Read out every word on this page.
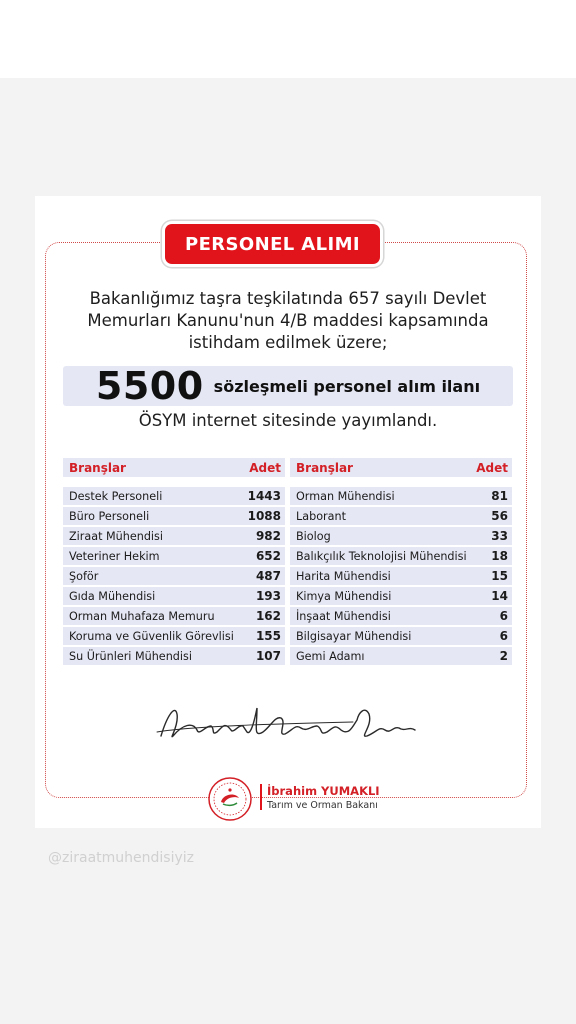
PERSONEL ALIMI
Bakanlığımız taşra teşkilatında 657 sayılı Devlet Memurları Kanunu'nun 4/B maddesi kapsamında istihdam edilmek üzere;
5500 sözleşmeli personel alım ilanı
ÖSYM internet sitesinde yayımlandı.
Branşlar	Adet
Destek Personeli	1443
Büro Personeli	1088
Ziraat Mühendisi	982
Veteriner Hekim	652
Şoför	487
Gıda Mühendisi	193
Orman Muhafaza Memuru	162
Koruma ve Güvenlik Görevlisi 155
Su Ürünleri Mühendisi	107
Branşlar	Adet
Orman Mühendisi	81
Laborant	56
Biolog	33
Balıkçılık Teknolojisi Mühendisi 18
Harita Mühendisi	15
Kimya Mühendisi	14
İnşaat Mühendisi	6
Bilgisayar Mühendisi	6
Gemi Adamı	2
İbrahim YUMAKLI
Tarım ve Orman Bakanı
@ziraatmuhendisiyiz
